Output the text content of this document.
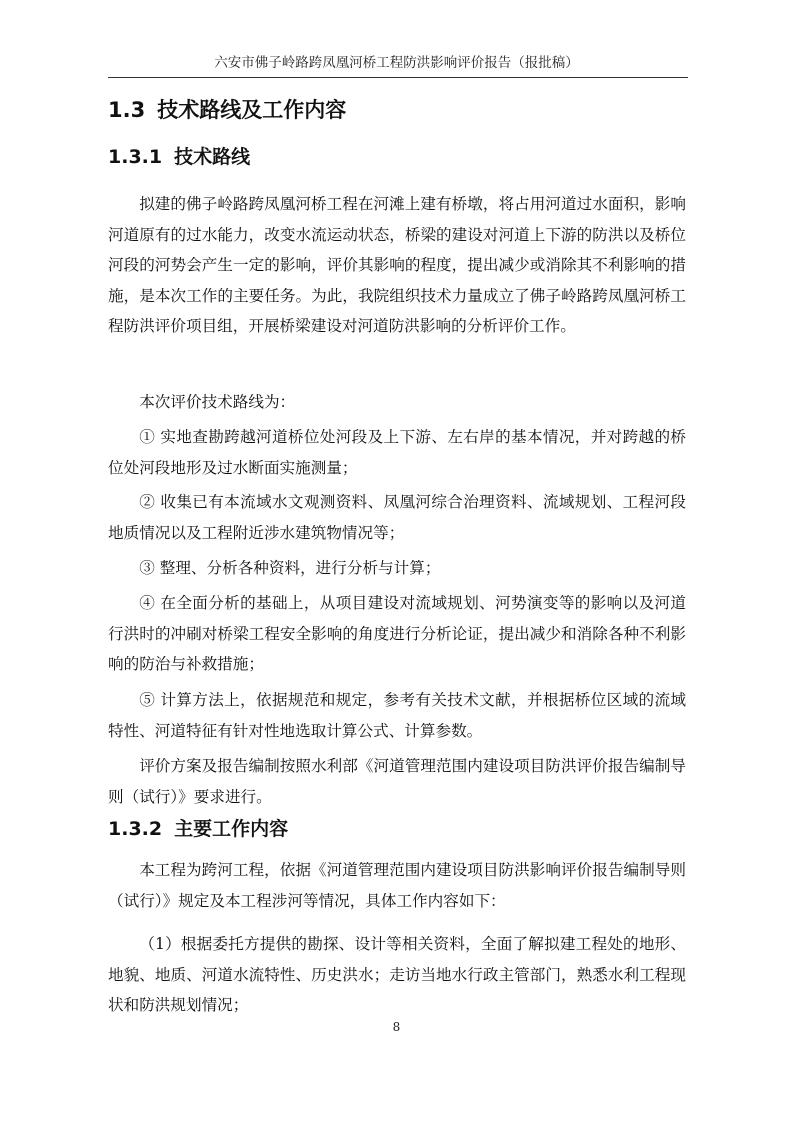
六安市佛子岭路跨凤凰河桥工程防洪影响评价报告（报批稿）
1.3 技术路线及工作内容
1.3.1 技术路线

拟建的佛子岭路跨凤凰河桥工程在河滩上建有桥墩，将占用河道过水面积，影响河道原有的过水能力，改变水流运动状态，桥梁的建设对河道上下游的防洪以及桥位河段的河势会产生一定的影响，评价其影响的程度，提出减少或消除其不利影响的措施，是本次工作的主要任务。为此，我院组织技术力量成立了佛子岭路跨凤凰河桥工程防洪评价项目组，开展桥梁建设对河道防洪影响的分析评价工作。

本次评价技术路线为：

① 实地查勘跨越河道桥位处河段及上下游、左右岸的基本情况，并对跨越的桥位处河段地形及过水断面实施测量；

② 收集已有本流域水文观测资料、凤凰河综合治理资料、流域规划、工程河段地质情况以及工程附近涉水建筑物情况等；

③ 整理、分析各种资料，进行分析与计算；

④ 在全面分析的基础上，从项目建设对流域规划、河势演变等的影响以及河道行洪时的冲刷对桥梁工程安全影响的角度进行分析论证，提出减少和消除各种不利影响的防治与补救措施；

⑤ 计算方法上，依据规范和规定，参考有关技术文献，并根据桥位区域的流域特性、河道特征有针对性地选取计算公式、计算参数。

评价方案及报告编制按照水利部《河道管理范围内建设项目防洪评价报告编制导则（试行）》要求进行。

1.3.2 主要工作内容

本工程为跨河工程，依据《河道管理范围内建设项目防洪影响评价报告编制导则（试行）》规定及本工程涉河等情况，具体工作内容如下：

（1）根据委托方提供的勘探、设计等相关资料，全面了解拟建工程处的地形、地貌、地质、河道水流特性、历史洪水；走访当地水行政主管部门，熟悉水利工程现状和防洪规划情况；

8
